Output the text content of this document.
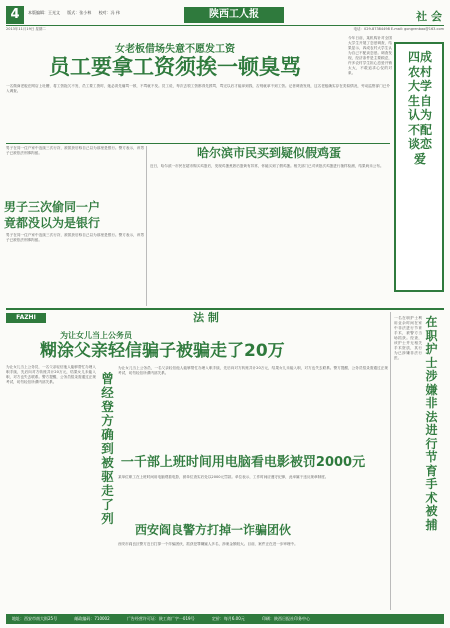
4	本版编辑：王光文 版式：张小林 校对：冯 伟	陕西工人报	社 会
2013年11月19日 星期二	电话：029-87384498 E-mail: gongrenbao@163.com
女老板借场失意不愿发工资
员工要拿工资须挨一顿臭骂
一名微商老板在网店上吐槽，将工资拖欠不发、员工要工资时，她必须先痛骂一顿，不骂就不发。员工说，每次去领工资都得先挨骂，骂完以后才能拿到钱，否则就拿不到工资。记者调查发现，这名老板确实存在类似情况，劳动监察部门已介入调查。
四成农村大学生自认为不配谈恋爱
今年日前，某机构针对全国大学生开展了恋爱调查，结果显示，四成农村大学生认为自己不配谈恋爱。调查发现，经济条件是主要顾虑，许多农村学生担心恋爱开销太大，不敢追求心仪的对象。
男子在同一住户家中连续三次行窃，被抓获后称自己以为那里是银行。警方表示，该男子已被依法刑事拘留。
男子三次偷同一户
竟都没以为是银行
男子在同一住户家中连续三次行窃，被抓获后称自己以为那里是银行。警方表示，该男子已被依法刑事拘留。
哈尔滨市民买到疑似假鸡蛋
近日，哈尔滨一市民在超市购买鸡蛋后，发现鸡蛋煮熟后蛋黄有异常，怀疑买到了假鸡蛋。相关部门已对该批次鸡蛋进行抽样检测，结果尚未公布。
FAZHI	法 制
为让女儿当上公务员
糊涂父亲轻信骗子被骗走了20万
曾经登方确到被驱走了列
为让女儿当上公务员，一名父亲轻信他人能够帮忙办理入职手续，先后向对方转账共计20万元，结果女儿未能入职，对方也失去联系。警方提醒，公务员招录需通过正规考试，切勿轻信所谓内部关系。
为让女儿当上公务员，一名父亲轻信他人能够帮忙办理入职手续，先后向对方转账共计20万元，结果女儿未能入职，对方也失去联系。警方提醒，公务员招录需通过正规考试，切勿轻信所谓内部关系。
一千部上班时间用电脑看电影被罚2000元
某单位职工在上班时间用电脑观看电影，被单位查实后处以2000元罚款。单位表示，工作时间应遵守纪律，此举属于违反规章制度。
西安阎良警方打掉一诈骗团伙
西安市阎良区警方近日打掉一个诈骗团伙，抓获犯罪嫌疑人多名，涉案金额较大。目前，案件正在进一步审理中。
在职护士涉嫌非法进行节育手术被捕
一名在职护士利用业余时间在家中非法进行节育手术，被警方当场抓获。经查，该护士并无相关手术资质，其行为已涉嫌非法行医。
地址：西安市南大街25号	邮政编码：710002	广告经营许可证：陕工商广字一019号	定价：每月6.00元	印刷：陕西日报社印务中心
